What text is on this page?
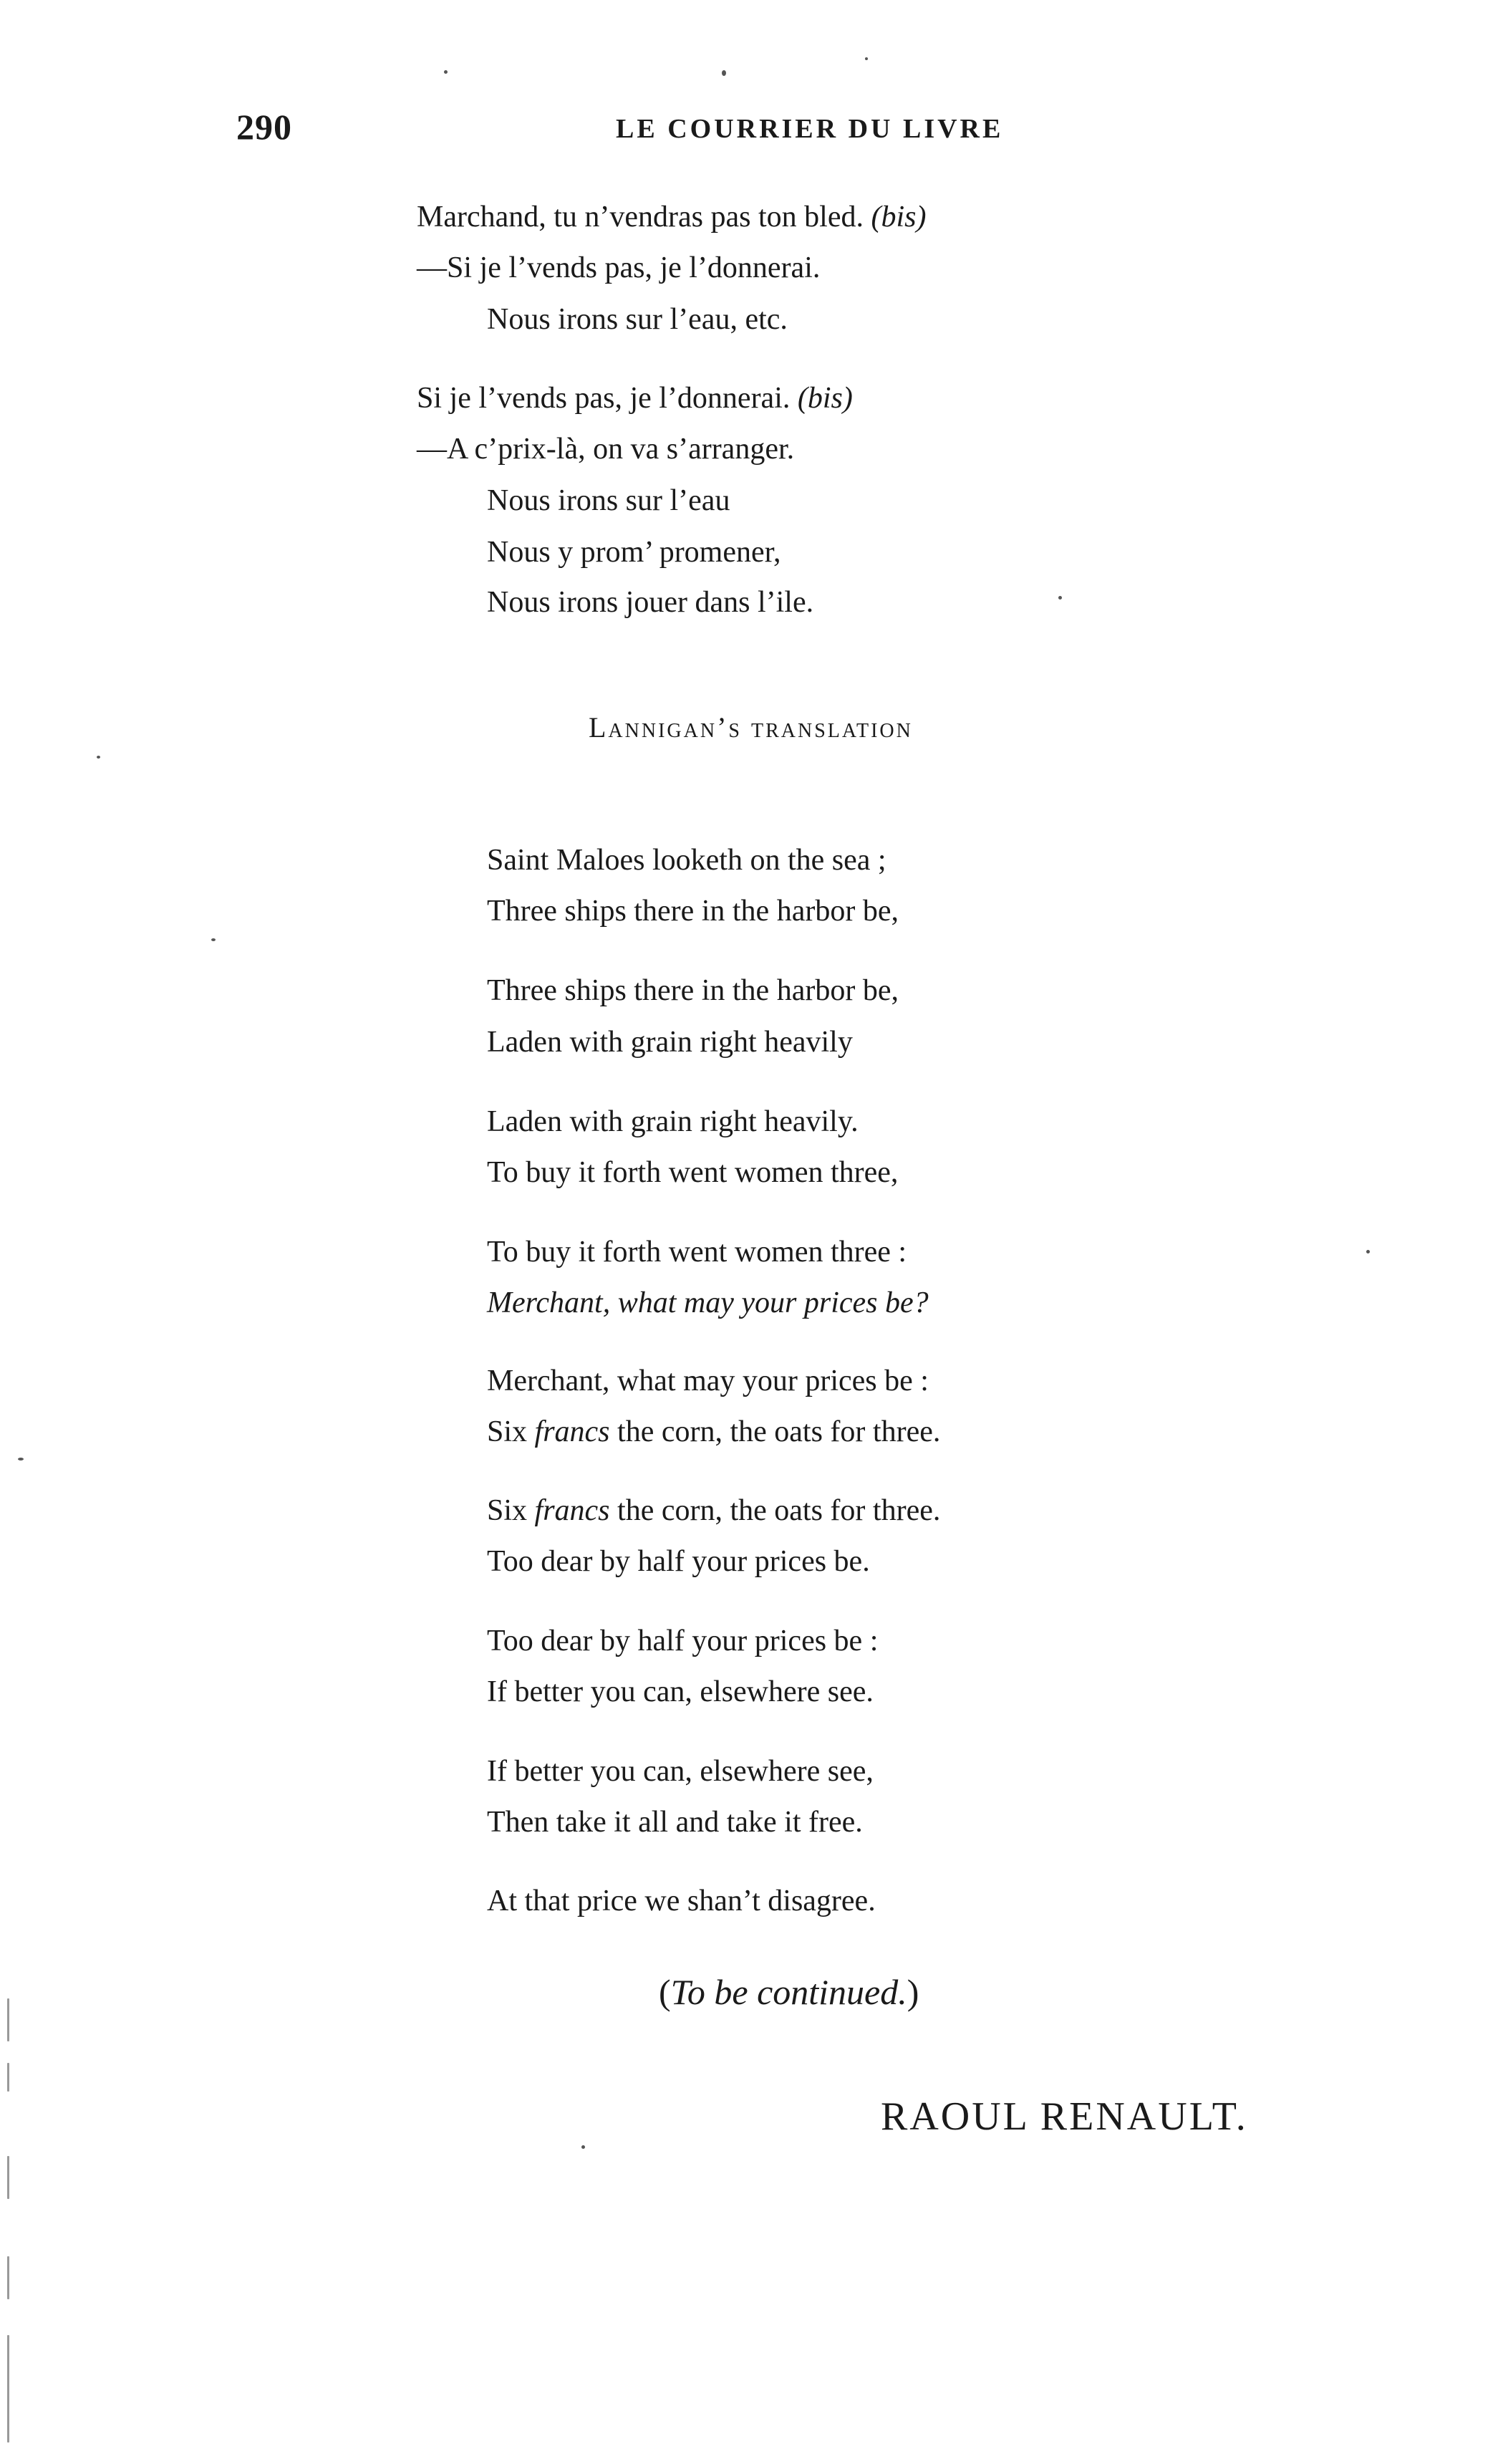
290	LE COURRIER DU LIVRE
Marchand, tu n’vendras pas ton bled. (bis)
—Si je l’vends pas, je l’donnerai.
Nous irons sur l’eau, etc.
Si je l’vends pas, je l’donnerai. (bis)
—A c’prix-là, on va s’arranger.
Nous irons sur l’eau
Nous y prom’ promener,
Nous irons jouer dans l’ile.
Lannigan’s translation
Saint Maloes looketh on the sea ;
Three ships there in the harbor be,
Three ships there in the harbor be,
Laden with grain right heavily
Laden with grain right heavily.
To buy it forth went women three,
To buy it forth went women three :
Merchant, what may your prices be?
Merchant, what may your prices be :
Six francs the corn, the oats for three.
Six francs the corn, the oats for three.
Too dear by half your prices be.
Too dear by half your prices be :
If better you can, elsewhere see.
If better you can, elsewhere see,
Then take it all and take it free.
At that price we shan’t disagree.
(To be continued.)
RAOUL RENAULT.
